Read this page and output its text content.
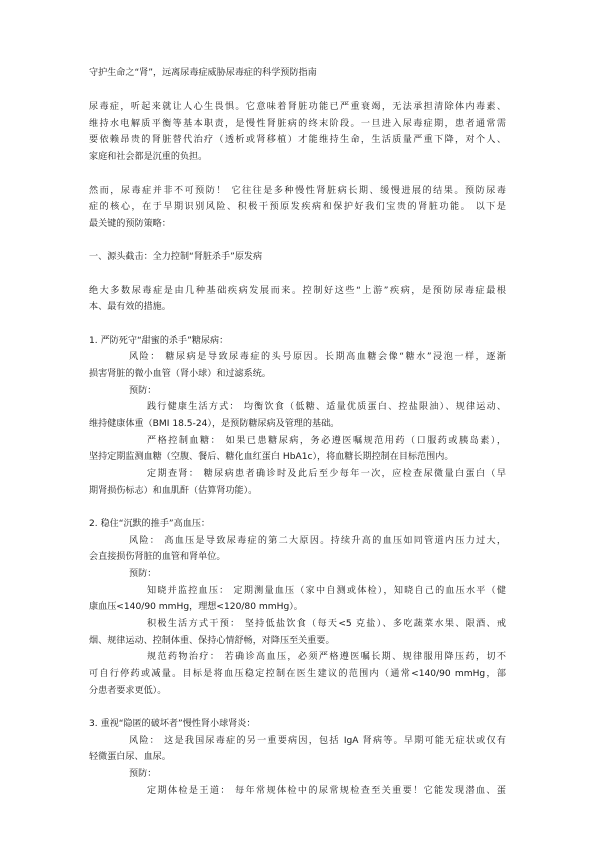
守护生命之“肾”，远离尿毒症威胁尿毒症的科学预防指南
尿毒症，听起来就让人心生畏惧。它意味着肾脏功能已严重衰竭，无法承担清除体内毒素、
维持水电解质平衡等基本职责，是慢性肾脏病的终末阶段。一旦进入尿毒症期，患者通常需
要依赖昂贵的肾脏替代治疗（透析或肾移植）才能维持生命，生活质量严重下降，对个人、
家庭和社会都是沉重的负担。
然而，尿毒症并非不可预防！ 它往往是多种慢性肾脏病长期、缓慢进展的结果。预防尿毒
症的核心，在于早期识别风险、积极干预原发疾病和保护好我们宝贵的肾脏功能。 以下是
最关键的预防策略：
一、源头截击：全力控制“肾脏杀手”原发病
绝大多数尿毒症是由几种基础疾病发展而来。控制好这些“上游”疾病，是预防尿毒症最根
本、最有效的措施。
1. 严防死守“甜蜜的杀手”糖尿病：
风险： 糖尿病是导致尿毒症的头号原因。长期高血糖会像“糖水”浸泡一样，逐渐
损害肾脏的微小血管（肾小球）和过滤系统。
预防：
践行健康生活方式： 均衡饮食（低糖、适量优质蛋白、控盐限油）、规律运动、
维持健康体重（BMI 18.5-24），是预防糖尿病及管理的基础。
严格控制血糖： 如果已患糖尿病，务必遵医嘱规范用药（口服药或胰岛素），
坚持定期监测血糖（空腹、餐后、糖化血红蛋白 HbA1c），将血糖长期控制在目标范围内。
定期查肾： 糖尿病患者确诊时及此后至少每年一次，应检查尿微量白蛋白（早
期肾损伤标志）和血肌酐（估算肾功能）。
2. 稳住“沉默的推手”高血压：
风险： 高血压是导致尿毒症的第二大原因。持续升高的血压如同管道内压力过大，
会直接损伤肾脏的血管和肾单位。
预防：
知晓并监控血压： 定期测量血压（家中自测或体检），知晓自己的血压水平（健
康血压<140/90 mmHg，理想<120/80 mmHg）。
积极生活方式干预： 坚持低盐饮食（每天<5 克盐）、多吃蔬菜水果、限酒、戒
烟、规律运动、控制体重、保持心情舒畅，对降压至关重要。
规范药物治疗： 若确诊高血压，必须严格遵医嘱长期、规律服用降压药，切不
可自行停药或减量。目标是将血压稳定控制在医生建议的范围内（通常<140/90 mmHg，部
分患者要求更低）。
3. 重视“隐匿的破坏者”慢性肾小球肾炎：
风险： 这是我国尿毒症的另一重要病因，包括 IgA 肾病等。早期可能无症状或仅有
轻微蛋白尿、血尿。
预防：
定期体检是王道： 每年常规体检中的尿常规检查至关重要！它能发现潜血、蛋
